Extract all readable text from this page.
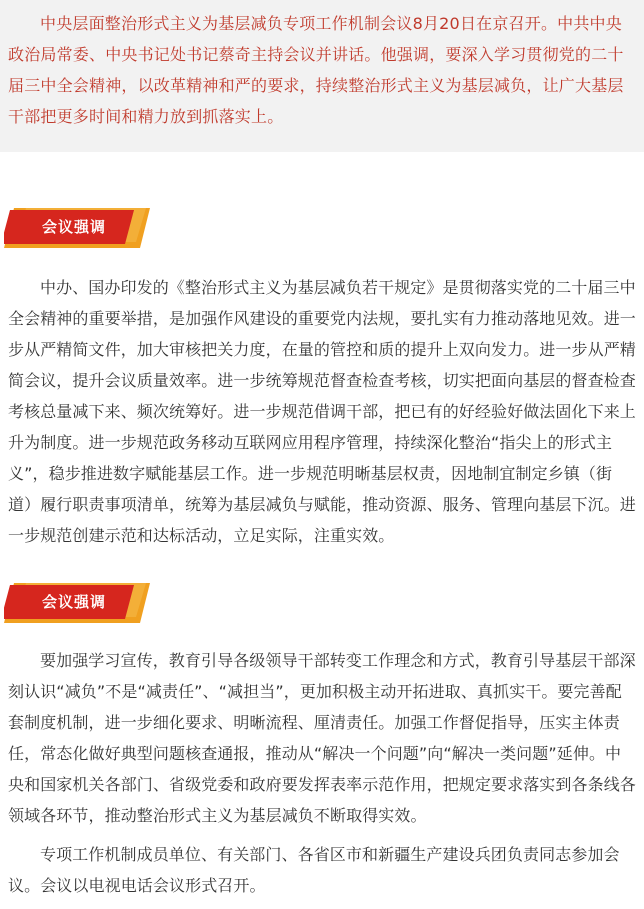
中央层面整治形式主义为基层减负专项工作机制会议8月20日在京召开。中共中央政治局常委、中央书记处书记蔡奇主持会议并讲话。他强调，要深入学习贯彻党的二十届三中全会精神，以改革精神和严的要求，持续整治形式主义为基层减负，让广大基层干部把更多时间和精力放到抓落实上。

会议强调

中办、国办印发的《整治形式主义为基层减负若干规定》是贯彻落实党的二十届三中全会精神的重要举措，是加强作风建设的重要党内法规，要扎实有力推动落地见效。进一步从严精简文件，加大审核把关力度，在量的管控和质的提升上双向发力。进一步从严精简会议，提升会议质量效率。进一步统筹规范督查检查考核，切实把面向基层的督查检查考核总量减下来、频次统筹好。进一步规范借调干部，把已有的好经验好做法固化下来上升为制度。进一步规范政务移动互联网应用程序管理，持续深化整治“指尖上的形式主义”，稳步推进数字赋能基层工作。进一步规范明晰基层权责，因地制宜制定乡镇（街道）履行职责事项清单，统筹为基层减负与赋能，推动资源、服务、管理向基层下沉。进一步规范创建示范和达标活动，立足实际，注重实效。

会议强调

要加强学习宣传，教育引导各级领导干部转变工作理念和方式，教育引导基层干部深刻认识“减负”不是“减责任”、“减担当”，更加积极主动开拓进取、真抓实干。要完善配套制度机制，进一步细化要求、明晰流程、厘清责任。加强工作督促指导，压实主体责任，常态化做好典型问题核查通报，推动从“解决一个问题”向“解决一类问题”延伸。中央和国家机关各部门、省级党委和政府要发挥表率示范作用，把规定要求落实到各条线各领域各环节，推动整治形式主义为基层减负不断取得实效。

专项工作机制成员单位、有关部门、各省区市和新疆生产建设兵团负责同志参加会议。会议以电视电话会议形式召开。
